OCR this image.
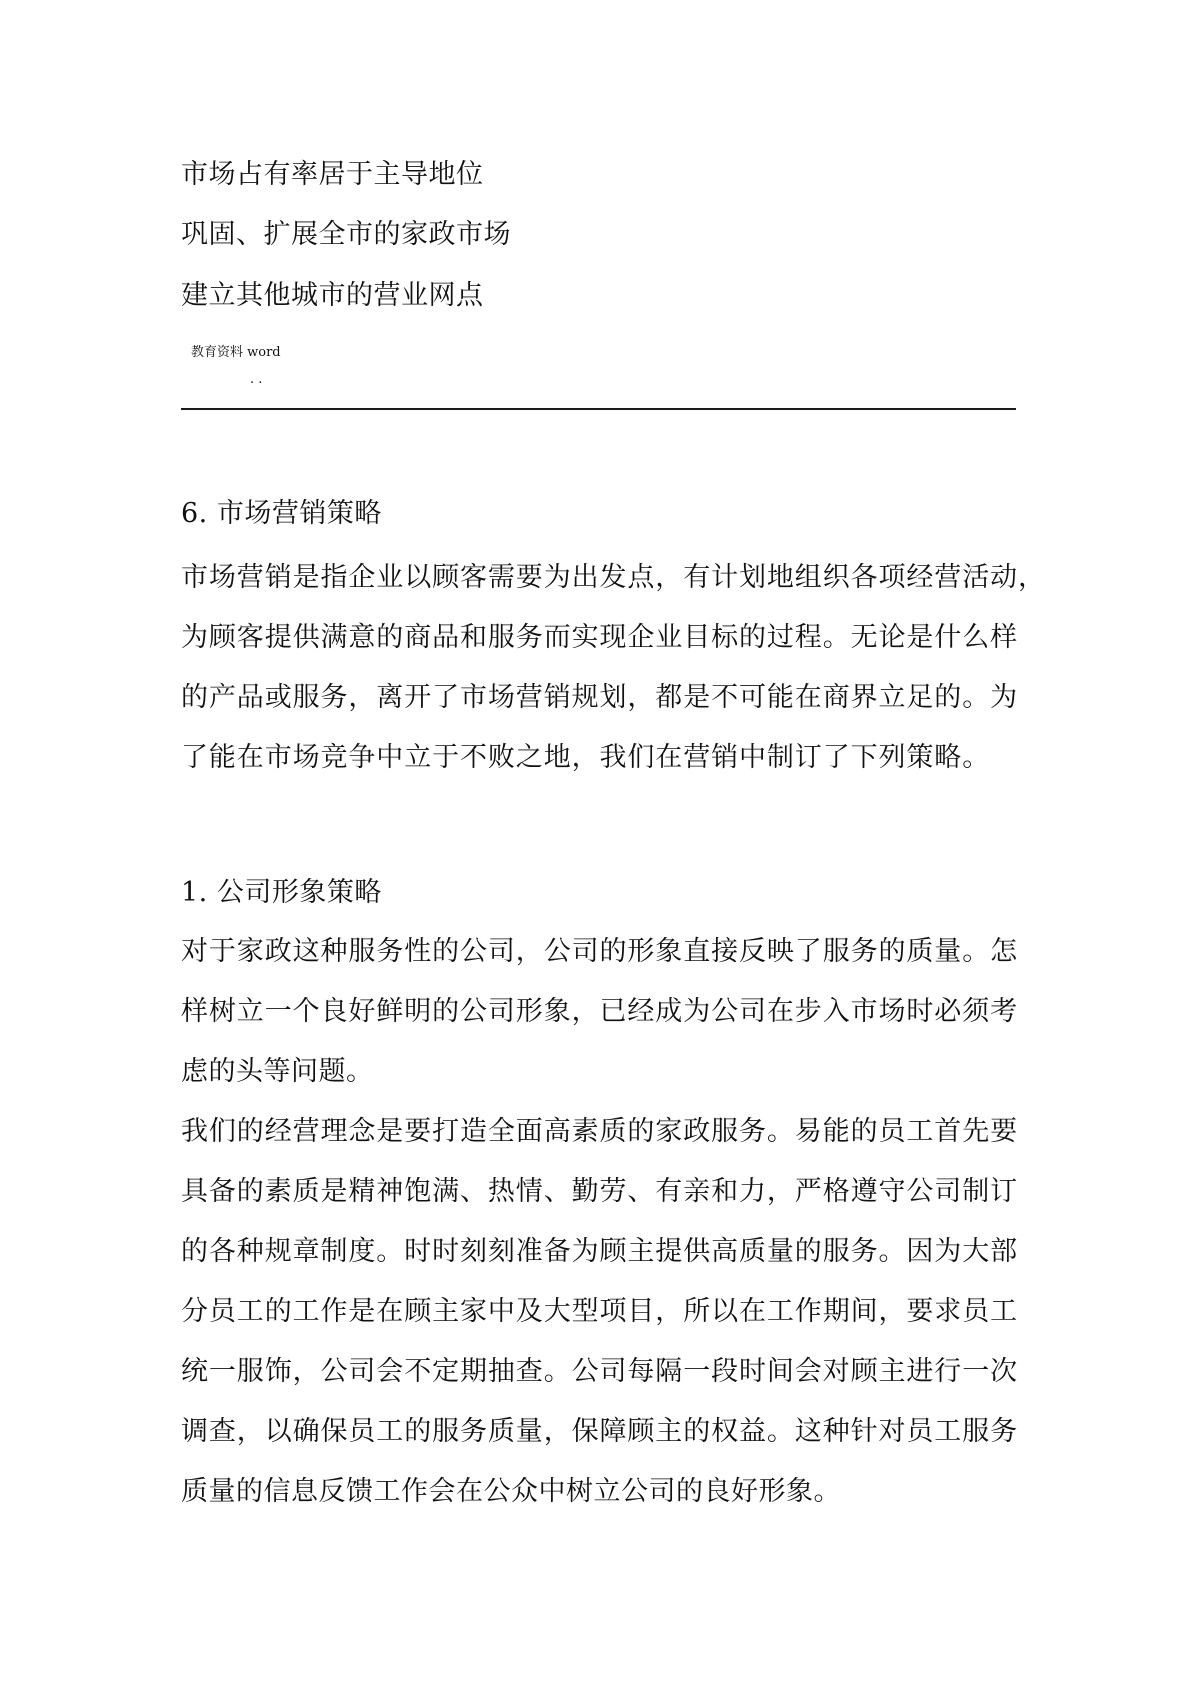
市场占有率居于主导地位
巩固、扩展全市的家政市场
建立其他城市的营业网点
教育资料 word
. .
6. 市场营销策略
市场营销是指企业以顾客需要为出发点，有计划地组织各项经营活动，
为顾客提供满意的商品和服务而实现企业目标的过程。无论是什么样
的产品或服务，离开了市场营销规划，都是不可能在商界立足的。为
了能在市场竞争中立于不败之地，我们在营销中制订了下列策略。
1. 公司形象策略
对于家政这种服务性的公司，公司的形象直接反映了服务的质量。怎
样树立一个良好鲜明的公司形象，已经成为公司在步入市场时必须考
虑的头等问题。
我们的经营理念是要打造全面高素质的家政服务。易能的员工首先要
具备的素质是精神饱满、热情、勤劳、有亲和力，严格遵守公司制订
的各种规章制度。时时刻刻准备为顾主提供高质量的服务。因为大部
分员工的工作是在顾主家中及大型项目，所以在工作期间，要求员工
统一服饰，公司会不定期抽查。公司每隔一段时间会对顾主进行一次
调查，以确保员工的服务质量，保障顾主的权益。这种针对员工服务
质量的信息反馈工作会在公众中树立公司的良好形象。
